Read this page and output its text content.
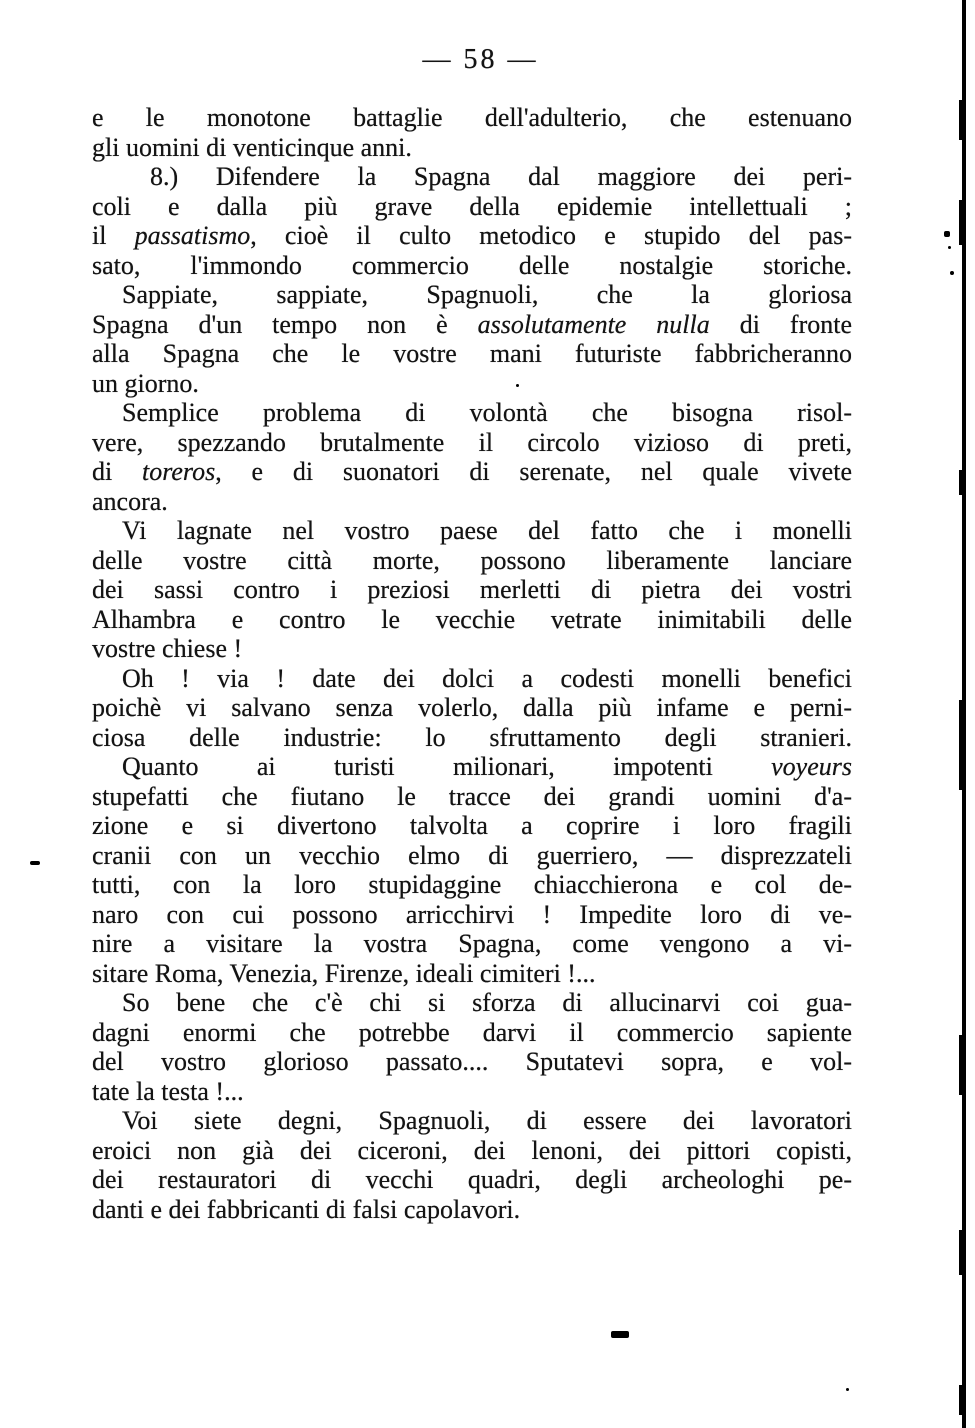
— 58 —
e le monotone battaglie dell'adulterio, che estenuano
gli uomini di venticinque anni.
8.) Difendere la Spagna dal maggiore dei peri-
coli e dalla più grave della epidemie intellettuali ;
il passatismo, cioè il culto metodico e stupido del pas-
sato, l'immondo commercio delle nostalgie storiche.
Sappiate, sappiate, Spagnuoli, che la gloriosa
Spagna d'un tempo non è assolutamente nulla di fronte
alla Spagna che le vostre mani futuriste fabbricheranno
un giorno.
Semplice problema di volontà che bisogna risol-
vere, spezzando brutalmente il circolo vizioso di preti,
di toreros, e di suonatori di serenate, nel quale vivete
ancora.
Vi lagnate nel vostro paese del fatto che i monelli
delle vostre città morte, possono liberamente lanciare
dei sassi contro i preziosi merletti di pietra dei vostri
Alhambra e contro le vecchie vetrate inimitabili delle
vostre chiese !
Oh ! via ! date dei dolci a codesti monelli benefici
poichè vi salvano senza volerlo, dalla più infame e perni-
ciosa delle industrie: lo sfruttamento degli stranieri.
Quanto ai turisti milionari, impotenti voyeurs
stupefatti che fiutano le tracce dei grandi uomini d'a-
zione e si divertono talvolta a coprire i loro fragili
cranii con un vecchio elmo di guerriero, — disprezzateli
tutti, con la loro stupidaggine chiacchierona e col de-
naro con cui possono arricchirvi ! Impedite loro di ve-
nire a visitare la vostra Spagna, come vengono a vi-
sitare Roma, Venezia, Firenze, ideali cimiteri !...
So bene che c'è chi si sforza di allucinarvi coi gua-
dagni enormi che potrebbe darvi il commercio sapiente
del vostro glorioso passato.... Sputatevi sopra, e vol-
tate la testa !...
Voi siete degni, Spagnuoli, di essere dei lavoratori
eroici non già dei ciceroni, dei lenoni, dei pittori copisti,
dei restauratori di vecchi quadri, degli archeologhi pe-
danti e dei fabbricanti di falsi capolavori.
